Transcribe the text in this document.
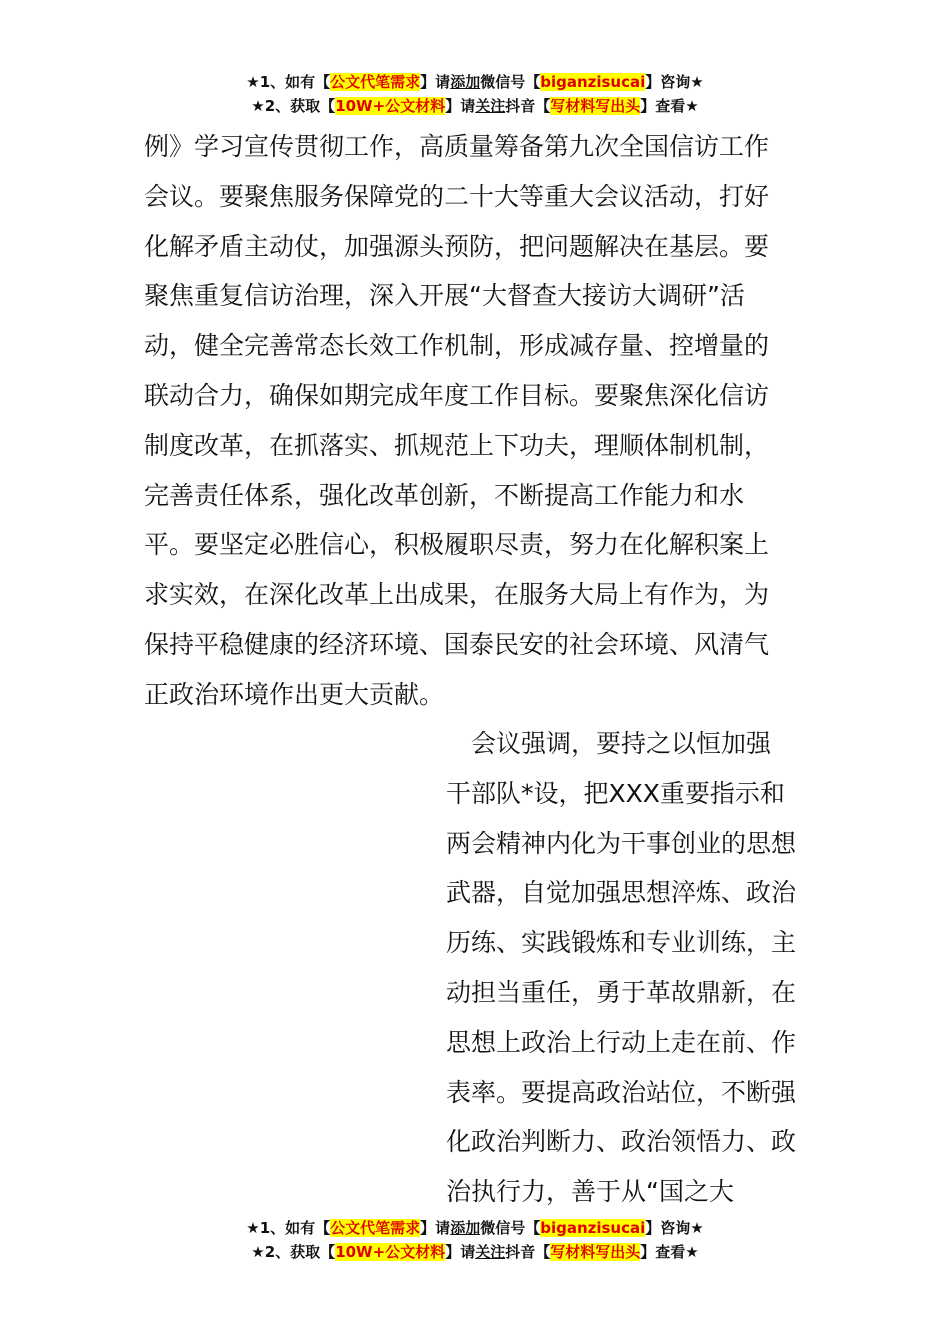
★1、如有【公文代笔需求】请添加微信号【biganzisucai】咨询★
★2、获取【10W+公文材料】请关注抖音【写材料写出头】查看★
例》学习宣传贯彻工作，高质量筹备第九次全国信访工作
会议。要聚焦服务保障党的二十大等重大会议活动，打好
化解矛盾主动仗，加强源头预防，把问题解决在基层。要
聚焦重复信访治理，深入开展“大督查大接访大调研”活
动，健全完善常态长效工作机制，形成减存量、控增量的
联动合力，确保如期完成年度工作目标。要聚焦深化信访
制度改革，在抓落实、抓规范上下功夫，理顺体制机制，
完善责任体系，强化改革创新，不断提高工作能力和水
平。要坚定必胜信心，积极履职尽责，努力在化解积案上
求实效，在深化改革上出成果，在服务大局上有作为，为
保持平稳健康的经济环境、国泰民安的社会环境、风清气
正政治环境作出更大贡献。
　会议强调，要持之以恒加强
干部队*设，把XXX重要指示和
两会精神内化为干事创业的思想
武器，自觉加强思想淬炼、政治
历练、实践锻炼和专业训练，主
动担当重任，勇于革故鼎新，在
思想上政治上行动上走在前、作
表率。要提高政治站位，不断强
化政治判断力、政治领悟力、政
治执行力，善于从“国之大
★1、如有【公文代笔需求】请添加微信号【biganzisucai】咨询★
★2、获取【10W+公文材料】请关注抖音【写材料写出头】查看★
